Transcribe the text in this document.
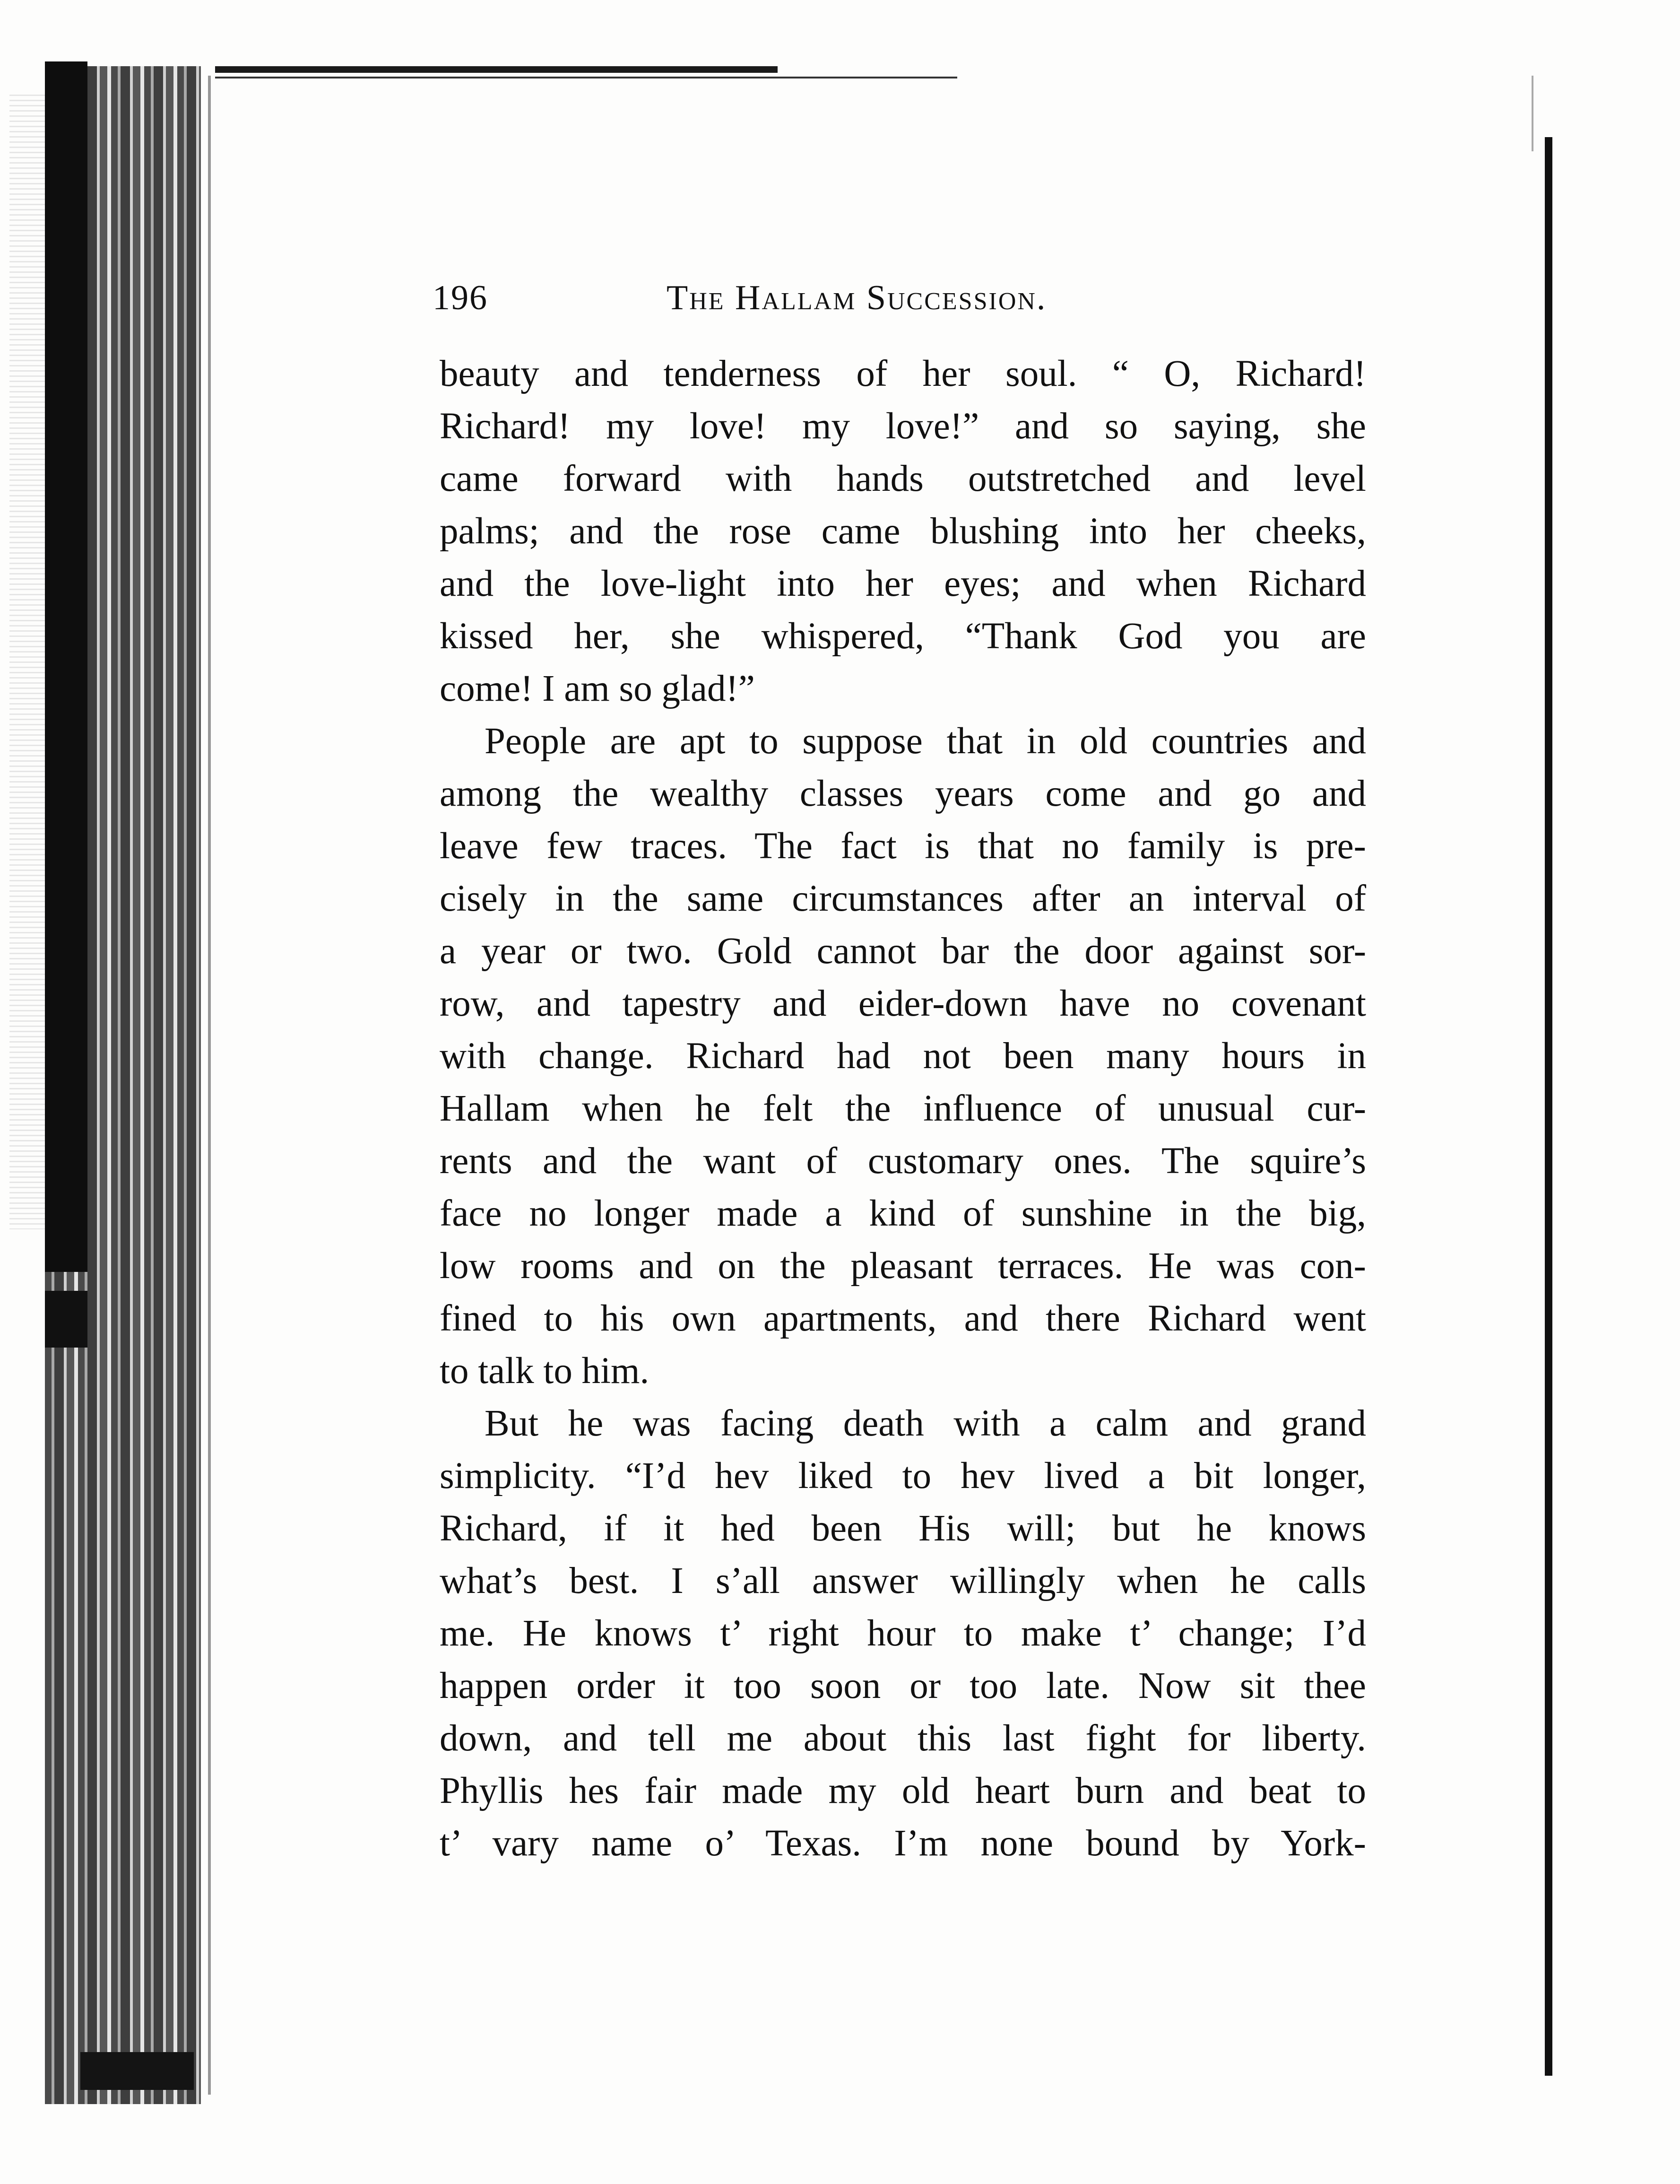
196	The Hallam Succession.
beauty and tenderness of her soul. “ O, Richard!
Richard! my love! my love!” and so saying, she
came forward with hands outstretched and level
palms; and the rose came blushing into her cheeks,
and the love-light into her eyes; and when Richard
kissed her, she whispered, “Thank God you are
come! I am so glad!”
People are apt to suppose that in old countries and
among the wealthy classes years come and go and
leave few traces. The fact is that no family is pre-
cisely in the same circumstances after an interval of
a year or two. Gold cannot bar the door against sor-
row, and tapestry and eider-down have no covenant
with change. Richard had not been many hours in
Hallam when he felt the influence of unusual cur-
rents and the want of customary ones. The squire’s
face no longer made a kind of sunshine in the big,
low rooms and on the pleasant terraces. He was con-
fined to his own apartments, and there Richard went
to talk to him.
But he was facing death with a calm and grand
simplicity. “I’d hev liked to hev lived a bit longer,
Richard, if it hed been His will; but he knows
what’s best. I s’all answer willingly when he calls
me. He knows t’ right hour to make t’ change; I’d
happen order it too soon or too late. Now sit thee
down, and tell me about this last fight for liberty.
Phyllis hes fair made my old heart burn and beat to
t’ vary name o’ Texas. I’m none bound by York-
